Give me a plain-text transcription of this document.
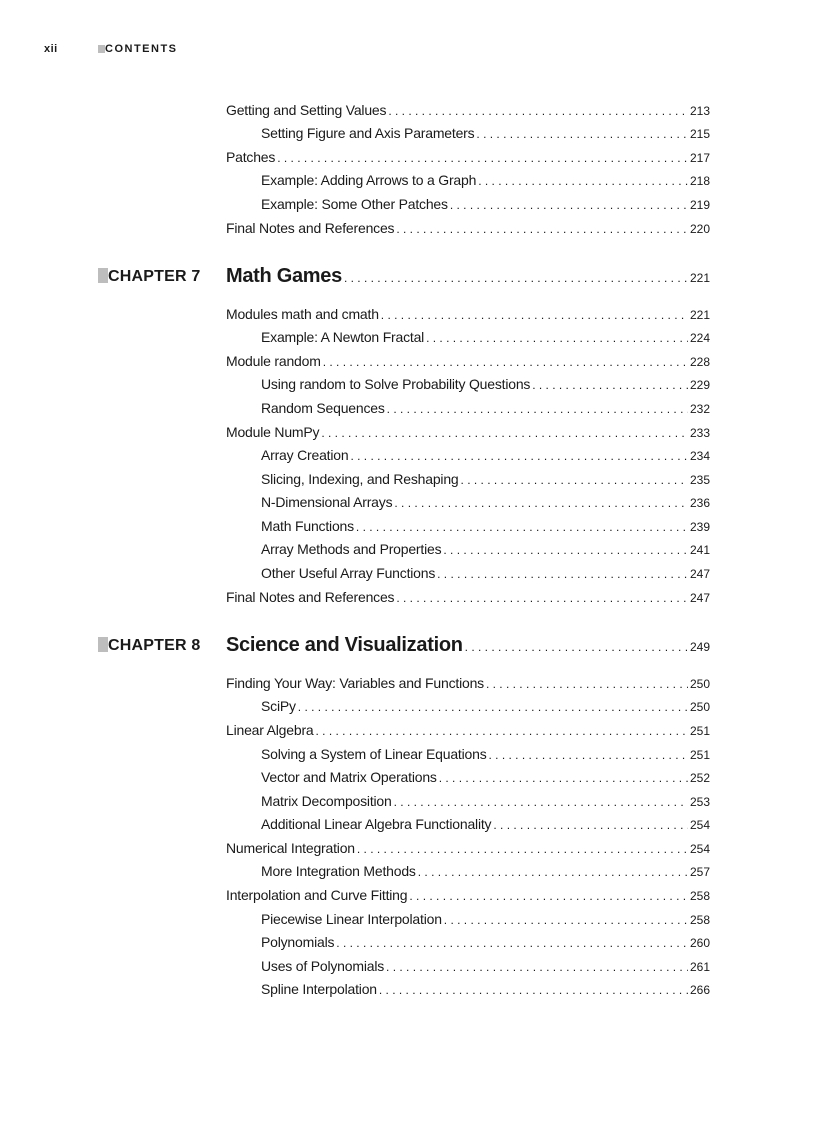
xii	CONTENTS
Getting and Setting Values . . .	213
Setting Figure and Axis Parameters . . .	215
Patches . . .	217
Example: Adding Arrows to a Graph . . .	218
Example: Some Other Patches . . .	219
Final Notes and References . . .	220
CHAPTER 7 Math Games . . .	221
Modules math and cmath . . .	221
Example: A Newton Fractal . . .	224
Module random . . .	228
Using random to Solve Probability Questions . . .	229
Random Sequences . . .	232
Module NumPy . . .	233
Array Creation . . .	234
Slicing, Indexing, and Reshaping . . .	235
N-Dimensional Arrays . . .	236
Math Functions . . .	239
Array Methods and Properties . . .	241
Other Useful Array Functions . . .	247
Final Notes and References . . .	247
CHAPTER 8 Science and Visualization . . .	249
Finding Your Way: Variables and Functions . . .	250
SciPy . . .	250
Linear Algebra . . .	251
Solving a System of Linear Equations . . .	251
Vector and Matrix Operations . . .	252
Matrix Decomposition . . .	253
Additional Linear Algebra Functionality . . .	254
Numerical Integration . . .	254
More Integration Methods . . .	257
Interpolation and Curve Fitting . . .	258
Piecewise Linear Interpolation . . .	258
Polynomials . . .	260
Uses of Polynomials . . .	261
Spline Interpolation . . .	266
